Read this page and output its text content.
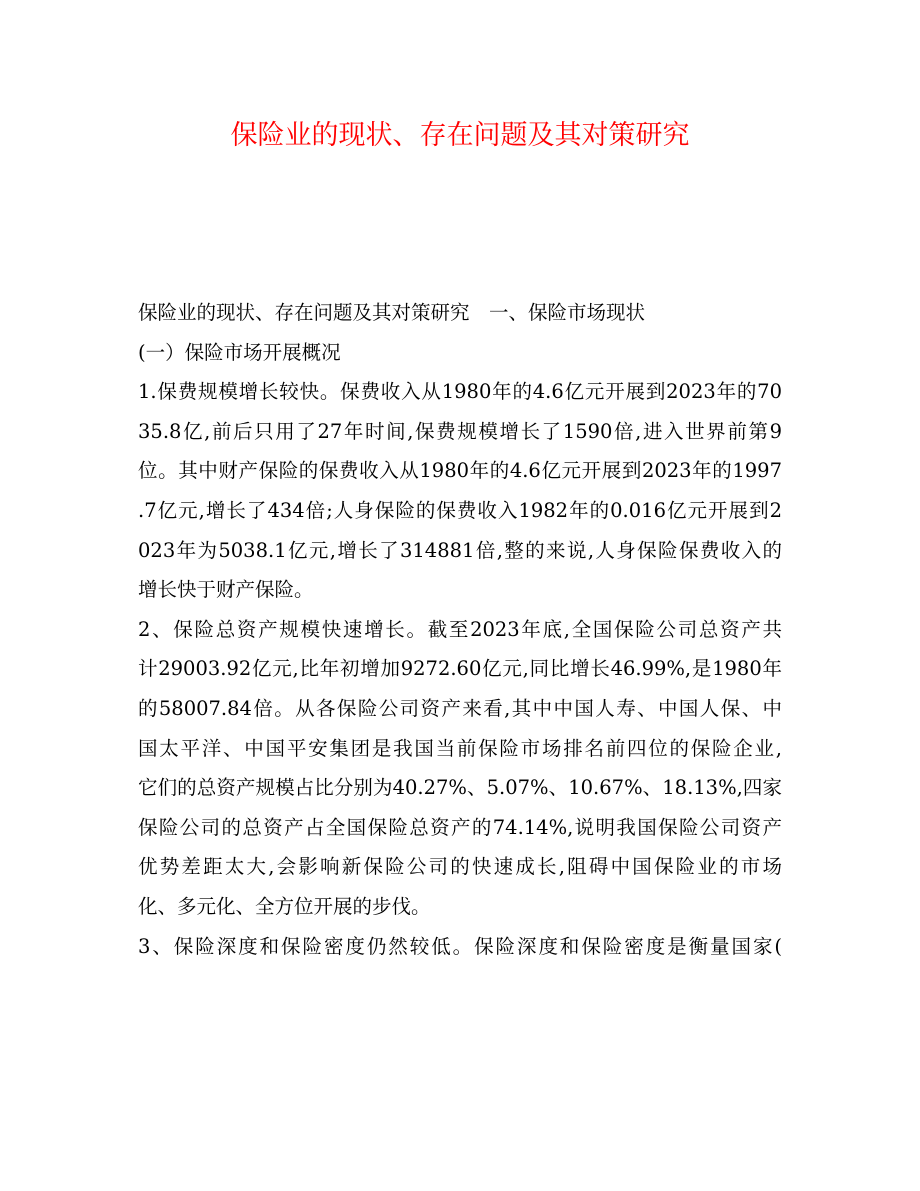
保险业的现状、存在问题及其对策研究
保险业的现状、存在问题及其对策研究　一、保险市场现状
(一）保险市场开展概况
1.保费规模增长较快。保费收入从1980年的4.6亿元开展到2023年的70
35.8亿,前后只用了27年时间,保费规模增长了1590倍,进入世界前第9
位。其中财产保险的保费收入从1980年的4.6亿元开展到2023年的1997
.7亿元,增长了434倍;人身保险的保费收入1982年的0.016亿元开展到2
023年为5038.1亿元,增长了314881倍,整的来说,人身保险保费收入的
增长快于财产保险。
2、保险总资产规模快速增长。截至2023年底,全国保险公司总资产共
计29003.92亿元,比年初增加9272.60亿元,同比增长46.99%,是1980年
的58007.84倍。从各保险公司资产来看,其中中国人寿、中国人保、中
国太平洋、中国平安集团是我国当前保险市场排名前四位的保险企业,
它们的总资产规模占比分别为40.27%、5.07%、10.67%、18.13%,四家
保险公司的总资产占全国保险总资产的74.14%,说明我国保险公司资产
优势差距太大,会影响新保险公司的快速成长,阻碍中国保险业的市场
化、多元化、全方位开展的步伐。
3、保险深度和保险密度仍然较低。保险深度和保险密度是衡量国家(
